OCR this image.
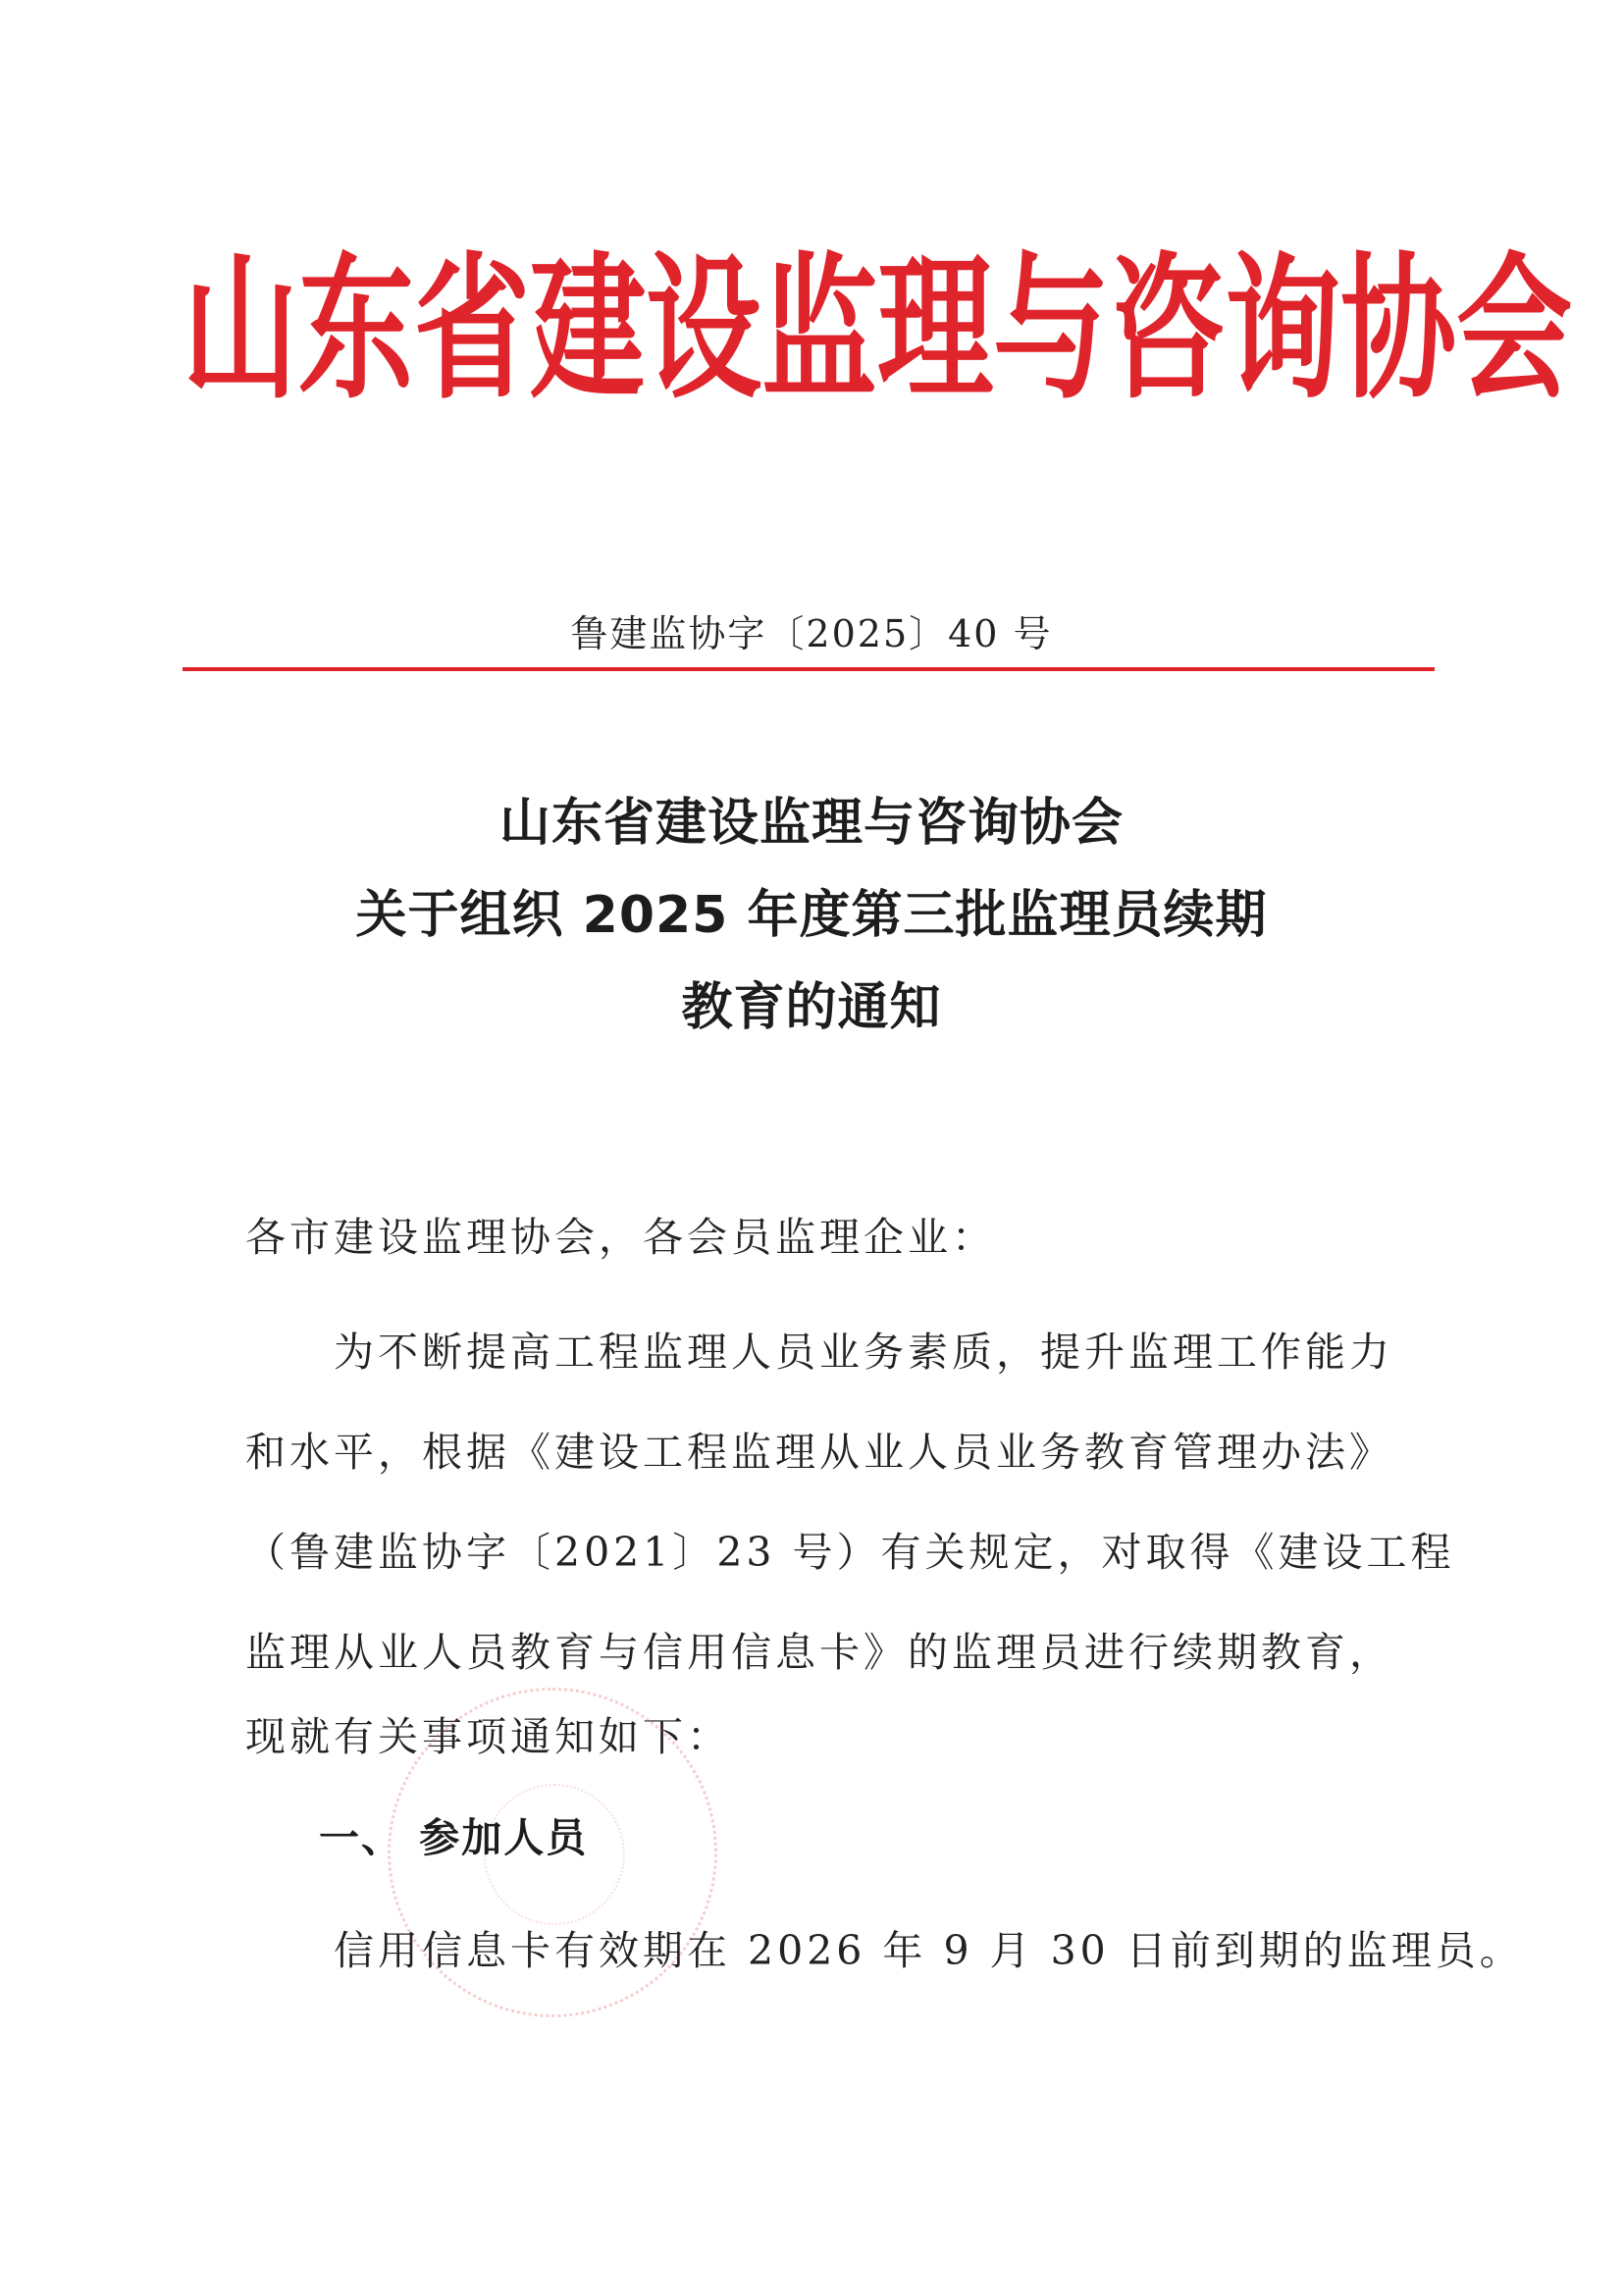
山 东 省 建 设 监 理 与 咨 询 协 会
鲁建监协字〔2025〕40 号
山东省建设监理与咨询协会
关于组织 2025 年度第三批监理员续期
教育的通知
各市建设监理协会，各会员监理企业：
为不断提高工程监理人员业务素质，提升监理工作能力
和水平，根据《建设工程监理从业人员业务教育管理办法》
（鲁建监协字〔2021〕23 号）有关规定，对取得《建设工程
监理从业人员教育与信用信息卡》的监理员进行续期教育，
现就有关事项通知如下：
一、 参加人员
信用信息卡有效期在 2026 年 9 月 30 日前到期的监理员。
